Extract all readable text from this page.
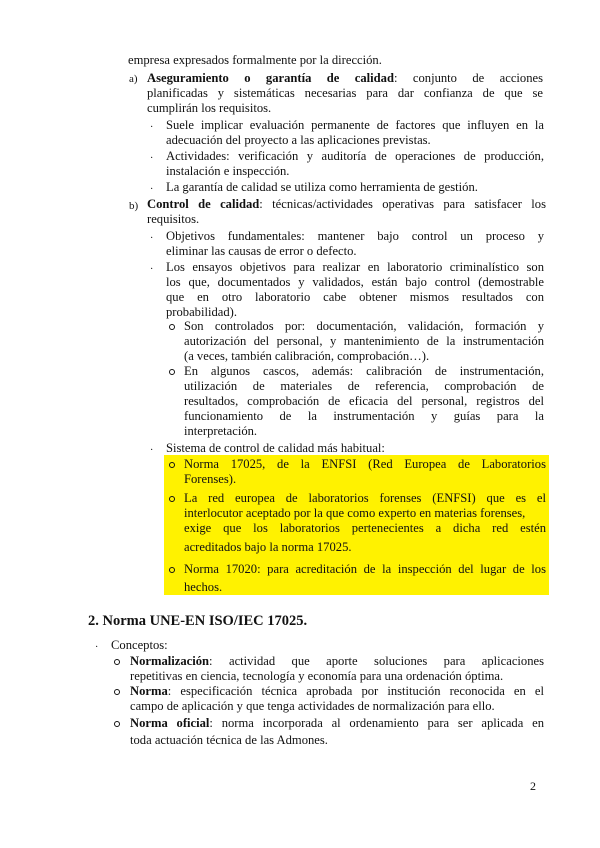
empresa expresados formalmente por la dirección.
a) Aseguramiento o garantía de calidad: conjunto de acciones
planificadas y sistemáticas necesarias para dar confianza de que se
cumplirán los requisitos.
· Suele implicar evaluación permanente de factores que influyen en la
adecuación del proyecto a las aplicaciones previstas.
· Actividades: verificación y auditoría de operaciones de producción,
instalación e inspección.
· La garantía de calidad se utiliza como herramienta de gestión.
b) Control de calidad: técnicas/actividades operativas para satisfacer los
requisitos.
· Objetivos fundamentales: mantener bajo control un proceso y
eliminar las causas de error o defecto.
· Los ensayos objetivos para realizar en laboratorio criminalístico son
los que, documentados y validados, están bajo control (demostrable
que en otro laboratorio cabe obtener mismos resultados con
probabilidad).
Son controlados por: documentación, validación, formación y
autorización del personal, y mantenimiento de la instrumentación
(a veces, también calibración, comprobación…).
En algunos cascos, además: calibración de instrumentación,
utilización de materiales de referencia, comprobación de
resultados, comprobación de eficacia del personal, registros del
funcionamiento de la instrumentación y guías para la
interpretación.
· Sistema de control de calidad más habitual:
Norma 17025, de la ENFSI (Red Europea de Laboratorios
Forenses).
La red europea de laboratorios forenses (ENFSI) que es el
interlocutor aceptado por la que como experto en materias forenses,
exige que los laboratorios pertenecientes a dicha red estén
acreditados bajo la norma 17025.
Norma 17020: para acreditación de la inspección del lugar de los
hechos.
2. Norma UNE-EN ISO/IEC 17025.
· Conceptos:
Normalización: actividad que aporte soluciones para aplicaciones
repetitivas en ciencia, tecnología y economía para una ordenación óptima.
Norma: especificación técnica aprobada por institución reconocida en el
campo de aplicación y que tenga actividades de normalización para ello.
Norma oficial: norma incorporada al ordenamiento para ser aplicada en
toda actuación técnica de las Admones.
2
